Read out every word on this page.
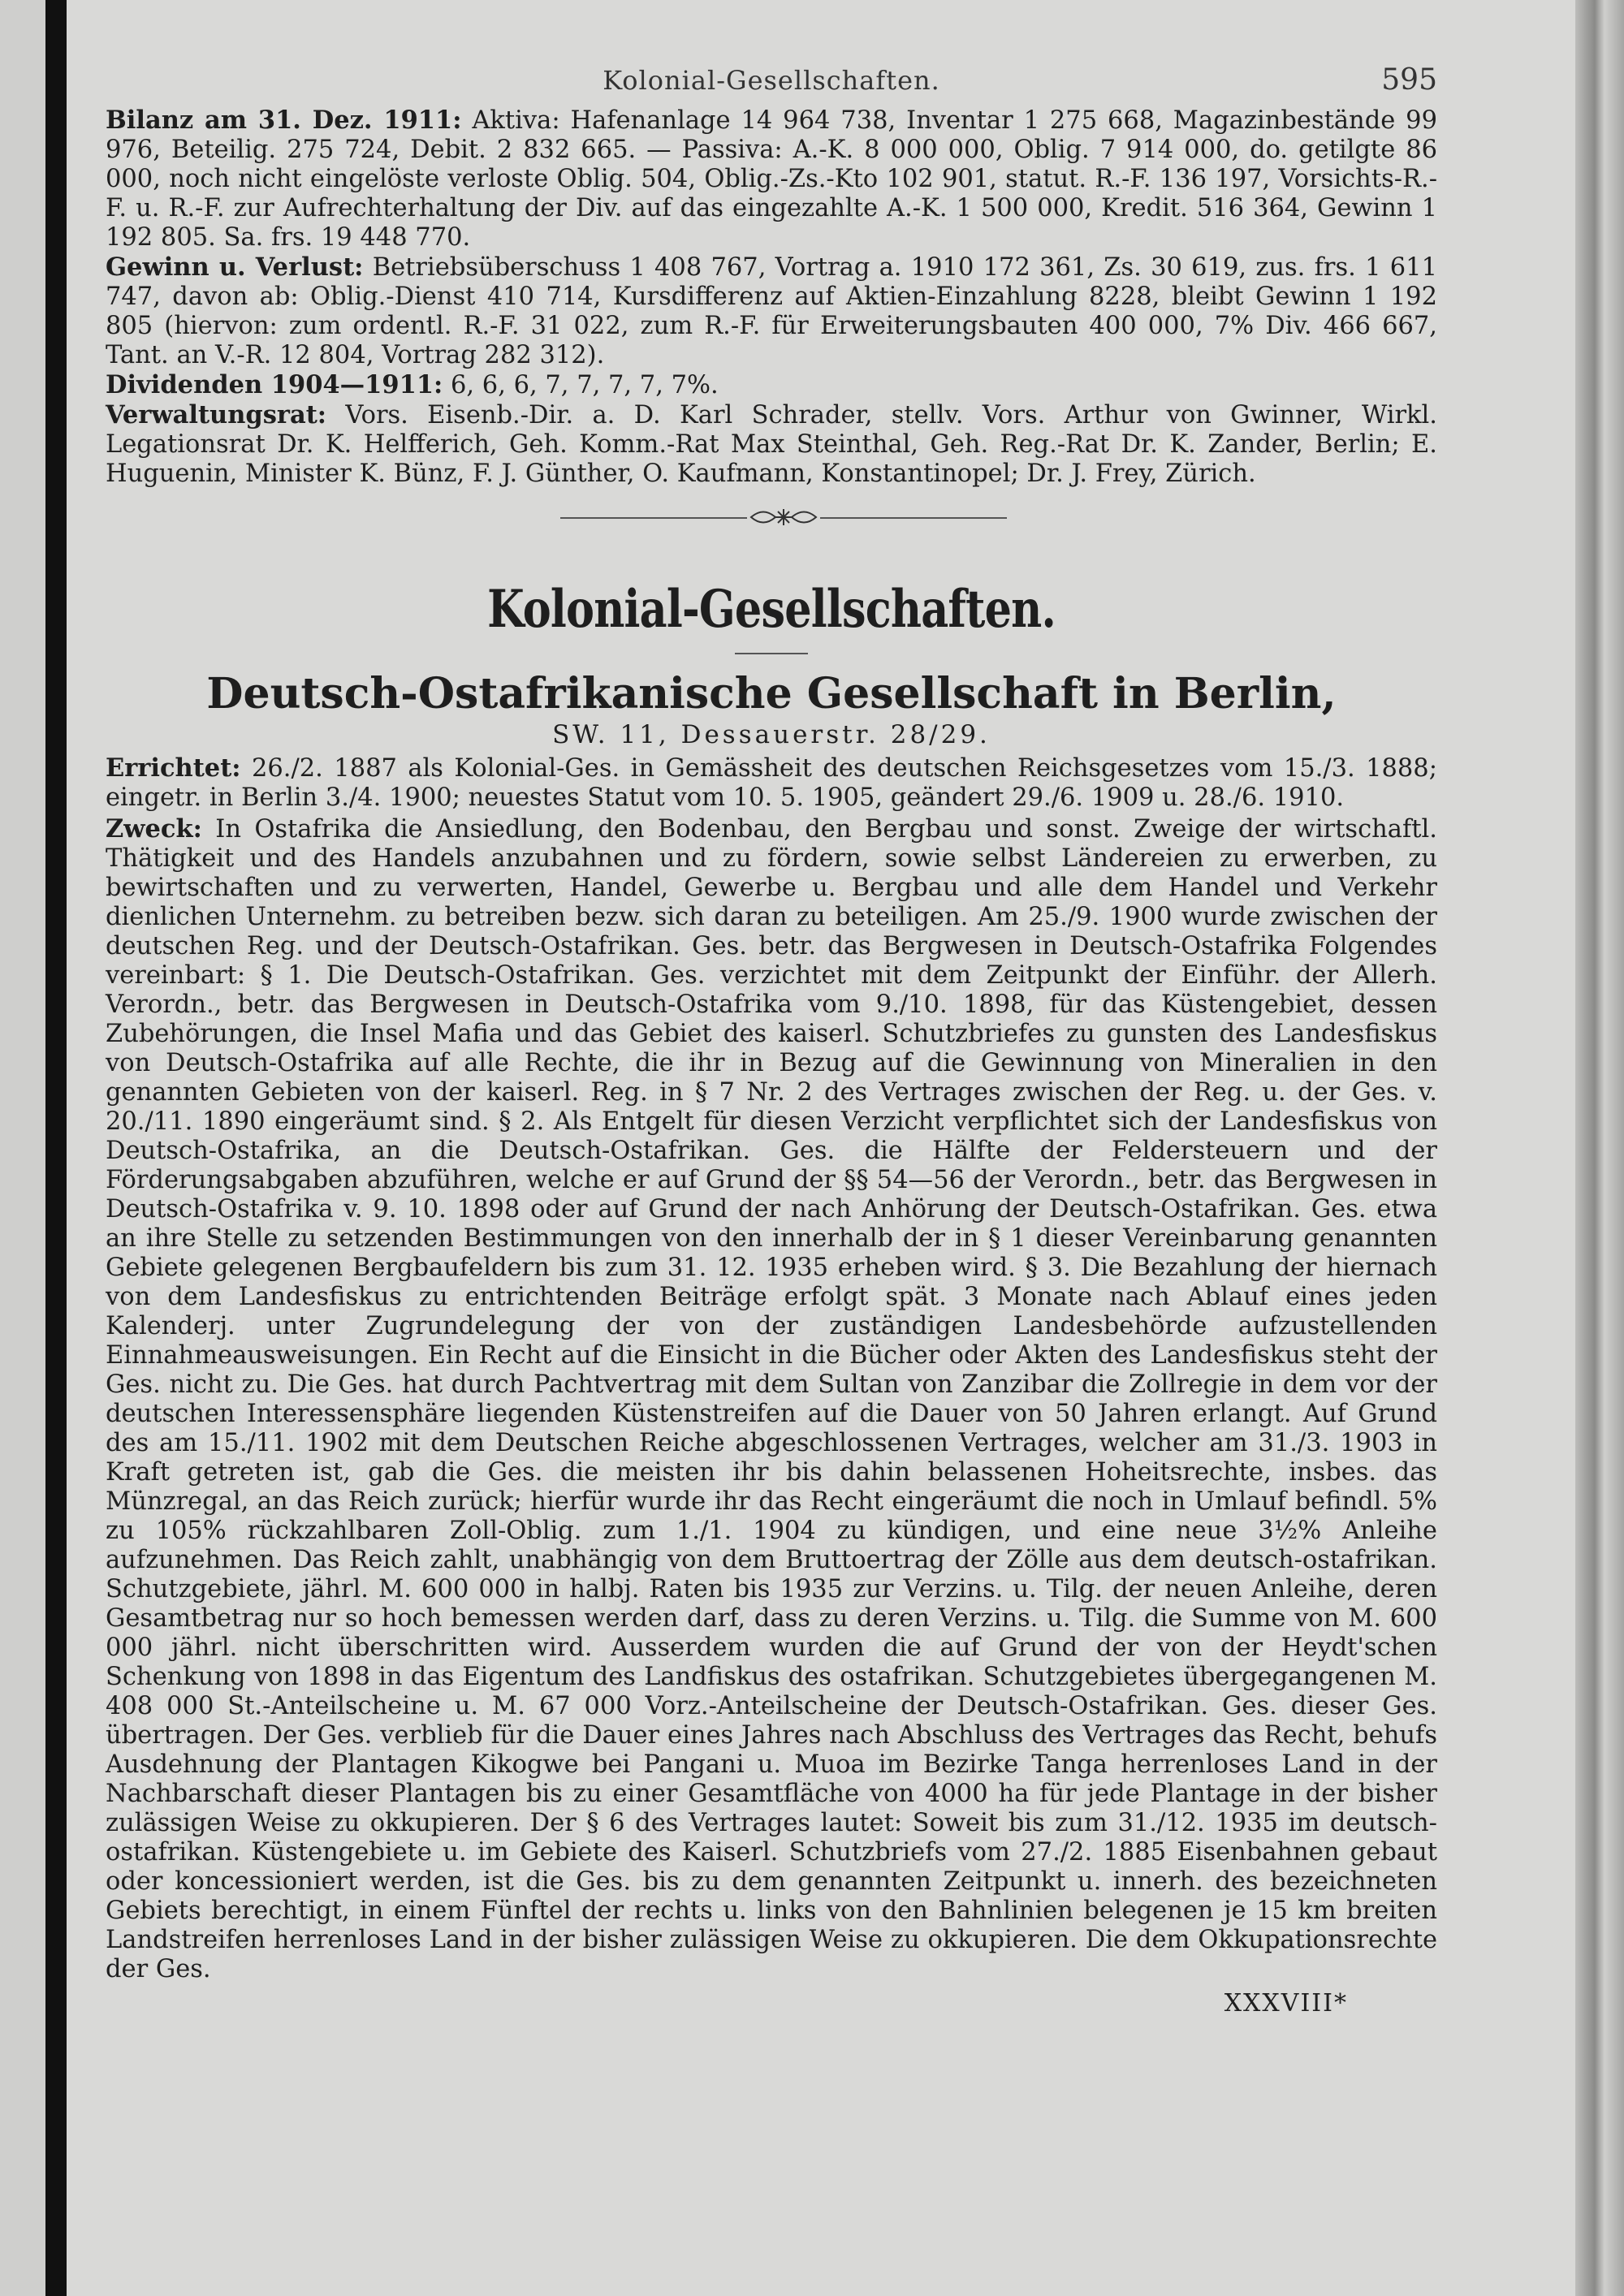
Kolonial-Gesellschaften.	595

Bilanz am 31. Dez. 1911: Aktiva: Hafenanlage 14 964 738, Inventar 1 275 668, Magazinbestände 99 976, Beteilig. 275 724, Debit. 2 832 665. — Passiva: A.-K. 8 000 000, Oblig. 7 914 000, do. getilgte 86 000, noch nicht eingelöste verloste Oblig. 504, Oblig.-Zs.-Kto 102 901, statut. R.-F. 136 197, Vorsichts-R.-F. u. R.-F. zur Aufrechterhaltung der Div. auf das eingezahlte A.-K. 1 500 000, Kredit. 516 364, Gewinn 1 192 805. Sa. frs. 19 448 770.

Gewinn u. Verlust: Betriebsüberschuss 1 408 767, Vortrag a. 1910 172 361, Zs. 30 619, zus. frs. 1 611 747, davon ab: Oblig.-Dienst 410 714, Kursdifferenz auf Aktien-Einzahlung 8228, bleibt Gewinn 1 192 805 (hiervon: zum ordentl. R.-F. 31 022, zum R.-F. für Erweiterungsbauten 400 000, 7% Div. 466 667, Tant. an V.-R. 12 804, Vortrag 282 312).

Dividenden 1904—1911: 6, 6, 6, 7, 7, 7, 7, 7%.

Verwaltungsrat: Vors. Eisenb.-Dir. a. D. Karl Schrader, stellv. Vors. Arthur von Gwinner, Wirkl. Legationsrat Dr. K. Helfferich, Geh. Komm.-Rat Max Steinthal, Geh. Reg.-Rat Dr. K. Zander, Berlin; E. Huguenin, Minister K. Bünz, F. J. Günther, O. Kaufmann, Konstantinopel; Dr. J. Frey, Zürich.

Kolonial-Gesellschaften.
Deutsch-Ostafrikanische Gesellschaft in Berlin,
SW. 11, Dessauerstr. 28/29.

Errichtet: 26./2. 1887 als Kolonial-Ges. in Gemässheit des deutschen Reichsgesetzes vom 15./3. 1888; eingetr. in Berlin 3./4. 1900; neuestes Statut vom 10. 5. 1905, geändert 29./6. 1909 u. 28./6. 1910.

Zweck: In Ostafrika die Ansiedlung, den Bodenbau, den Bergbau und sonst. Zweige der wirtschaftl. Thätigkeit und des Handels anzubahnen und zu fördern, sowie selbst Ländereien zu erwerben, zu bewirtschaften und zu verwerten, Handel, Gewerbe u. Bergbau und alle dem Handel und Verkehr dienlichen Unternehm. zu betreiben bezw. sich daran zu beteiligen. Am 25./9. 1900 wurde zwischen der deutschen Reg. und der Deutsch-Ostafrikan. Ges. betr. das Bergwesen in Deutsch-Ostafrika Folgendes vereinbart: § 1. Die Deutsch-Ostafrikan. Ges. verzichtet mit dem Zeitpunkt der Einführ. der Allerh. Verordn., betr. das Bergwesen in Deutsch-Ostafrika vom 9./10. 1898, für das Küstengebiet, dessen Zubehörungen, die Insel Mafia und das Gebiet des kaiserl. Schutzbriefes zu gunsten des Landesfiskus von Deutsch-Ostafrika auf alle Rechte, die ihr in Bezug auf die Gewinnung von Mineralien in den genannten Gebieten von der kaiserl. Reg. in § 7 Nr. 2 des Vertrages zwischen der Reg. u. der Ges. v. 20./11. 1890 eingeräumt sind. § 2. Als Entgelt für diesen Verzicht verpflichtet sich der Landesfiskus von Deutsch-Ostafrika, an die Deutsch-Ostafrikan. Ges. die Hälfte der Feldersteuern und der Förderungsabgaben abzuführen, welche er auf Grund der §§ 54—56 der Verordn., betr. das Bergwesen in Deutsch-Ostafrika v. 9. 10. 1898 oder auf Grund der nach Anhörung der Deutsch-Ostafrikan. Ges. etwa an ihre Stelle zu setzenden Bestimmungen von den innerhalb der in § 1 dieser Vereinbarung genannten Gebiete gelegenen Bergbaufeldern bis zum 31. 12. 1935 erheben wird. § 3. Die Bezahlung der hiernach von dem Landesfiskus zu entrichtenden Beiträge erfolgt spät. 3 Monate nach Ablauf eines jeden Kalenderj. unter Zugrundelegung der von der zuständigen Landesbehörde aufzustellenden Einnahmeausweisungen. Ein Recht auf die Einsicht in die Bücher oder Akten des Landesfiskus steht der Ges. nicht zu. Die Ges. hat durch Pachtvertrag mit dem Sultan von Zanzibar die Zollregie in dem vor der deutschen Interessensphäre liegenden Küstenstreifen auf die Dauer von 50 Jahren erlangt. Auf Grund des am 15./11. 1902 mit dem Deutschen Reiche abgeschlossenen Vertrages, welcher am 31./3. 1903 in Kraft getreten ist, gab die Ges. die meisten ihr bis dahin belassenen Hoheitsrechte, insbes. das Münzregal, an das Reich zurück; hierfür wurde ihr das Recht eingeräumt die noch in Umlauf befindl. 5% zu 105% rückzahlbaren Zoll-Oblig. zum 1./1. 1904 zu kündigen, und eine neue 3½% Anleihe aufzunehmen. Das Reich zahlt, unabhängig von dem Bruttoertrag der Zölle aus dem deutsch-ostafrikan. Schutzgebiete, jährl. M. 600 000 in halbj. Raten bis 1935 zur Verzins. u. Tilg. der neuen Anleihe, deren Gesamtbetrag nur so hoch bemessen werden darf, dass zu deren Verzins. u. Tilg. die Summe von M. 600 000 jährl. nicht überschritten wird. Ausserdem wurden die auf Grund der von der Heydt'schen Schenkung von 1898 in das Eigentum des Landfiskus des ostafrikan. Schutzgebietes übergegangenen M. 408 000 St.-Anteilscheine u. M. 67 000 Vorz.-Anteilscheine der Deutsch-Ostafrikan. Ges. dieser Ges. übertragen. Der Ges. verblieb für die Dauer eines Jahres nach Abschluss des Vertrages das Recht, behufs Ausdehnung der Plantagen Kikogwe bei Pangani u. Muoa im Bezirke Tanga herrenloses Land in der Nachbarschaft dieser Plantagen bis zu einer Gesamtfläche von 4000 ha für jede Plantage in der bisher zulässigen Weise zu okkupieren. Der § 6 des Vertrages lautet: Soweit bis zum 31./12. 1935 im deutsch-ostafrikan. Küstengebiete u. im Gebiete des Kaiserl. Schutzbriefs vom 27./2. 1885 Eisenbahnen gebaut oder koncessioniert werden, ist die Ges. bis zu dem genannten Zeitpunkt u. innerh. des bezeichneten Gebiets berechtigt, in einem Fünftel der rechts u. links von den Bahnlinien belegenen je 15 km breiten Landstreifen herrenloses Land in der bisher zulässigen Weise zu okkupieren. Die dem Okkupationsrechte der Ges.

XXXVIII*
